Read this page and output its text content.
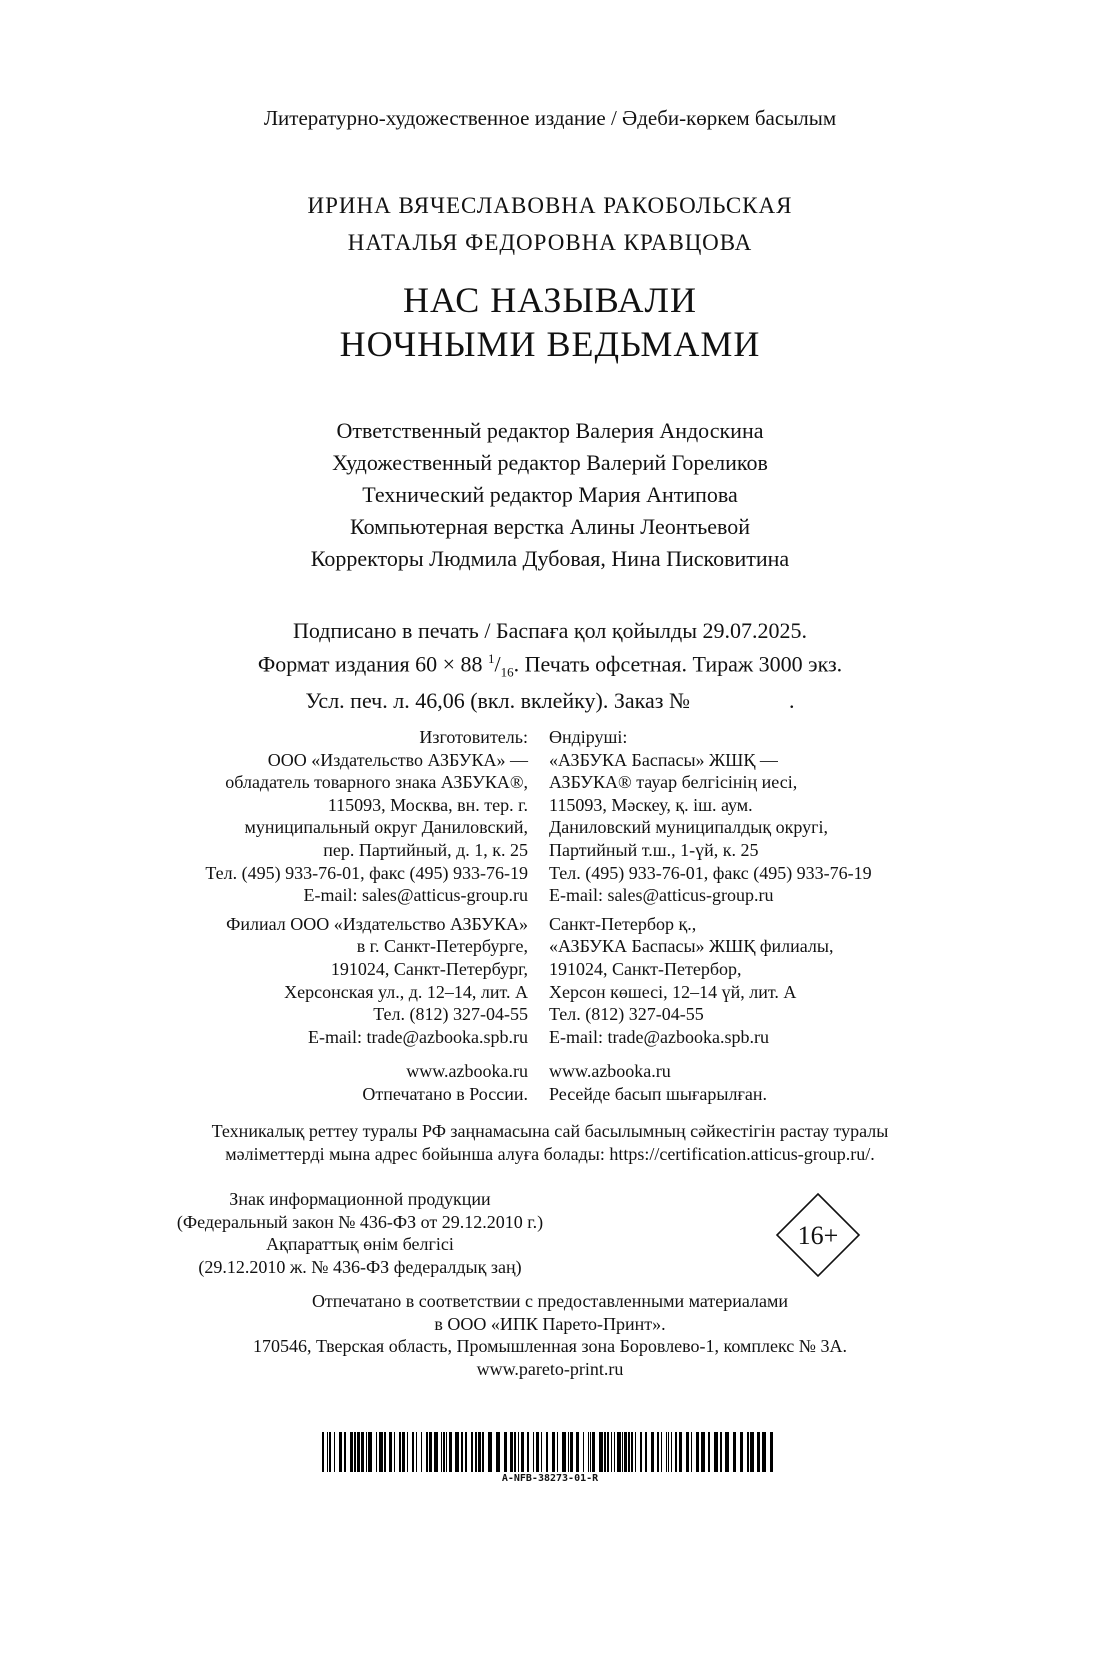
Литературно-художественное издание / Әдеби-көркем басылым
ИРИНА ВЯЧЕСЛАВОВНА РАКОБОЛЬСКАЯ
НАТАЛЬЯ ФЕДОРОВНА КРАВЦОВА
НАС НАЗЫВАЛИ
НОЧНЫМИ ВЕДЬМАМИ
Ответственный редактор Валерия Андоскина
Художественный редактор Валерий Гореликов
Технический редактор Мария Антипова
Компьютерная верстка Алины Леонтьевой
Корректоры Людмила Дубовая, Нина Писковитина
Подписано в печать / Баспаға қол қойылды 29.07.2025.
Формат издания 60 × 88 $^1/_{16}$. Печать офсетная. Тираж 3000 экз.
Усл. печ. л. 46,06 (вкл. вклейку). Заказ №                  .
Изготовитель:
ООО «Издательство АЗБУКА» —
обладатель товарного знака АЗБУКА®,
115093, Москва, вн. тер. г.
муниципальный округ Даниловский,
пер. Партийный, д. 1, к. 25
Тел. (495) 933-76-01, факс (495) 933-76-19
E-mail: sales@atticus-group.ru
Филиал ООО «Издательство АЗБУКА»
в г. Санкт-Петербурге,
191024, Санкт-Петербург,
Херсонская ул., д. 12–14, лит. А
Тел. (812) 327-04-55
E-mail: trade@azbooka.spb.ru
www.azbooka.ru
Отпечатано в России.
Өндіруші:
«АЗБУКА Баспасы» ЖШҚ —
АЗБУКА® тауар белгісінің иесі,
115093, Мәскеу, қ. іш. аум.
Даниловский муниципалдық округі,
Партийный т.ш., 1-үй, к. 25
Тел. (495) 933-76-01, факс (495) 933-76-19
E-mail: sales@atticus-group.ru
Санкт-Петербор қ.,
«АЗБУКА Баспасы» ЖШҚ филиалы,
191024, Санкт-Петербор,
Херсон көшесі, 12–14 үй, лит. А
Тел. (812) 327-04-55
E-mail: trade@azbooka.spb.ru
www.azbooka.ru
Ресейде басып шығарылған.
Техникалық реттеу туралы РФ заңнамасына сай басылымның сәйкестігін растау туралы
мәліметтерді мына адрес бойынша алуға болады: https://certification.atticus-group.ru/.
Знак информационной продукции
(Федеральный закон № 436-ФЗ от 29.12.2010 г.)
Ақпараттық өнім белгісі
(29.12.2010 ж. № 436-ФЗ федералдық заң)
16+
Отпечатано в соответствии с предоставленными материалами
в ООО «ИПК Парето-Принт».
170546, Тверская область, Промышленная зона Боровлево-1, комплекс № 3А.
www.pareto-print.ru
A-NFB-38273-01-R
